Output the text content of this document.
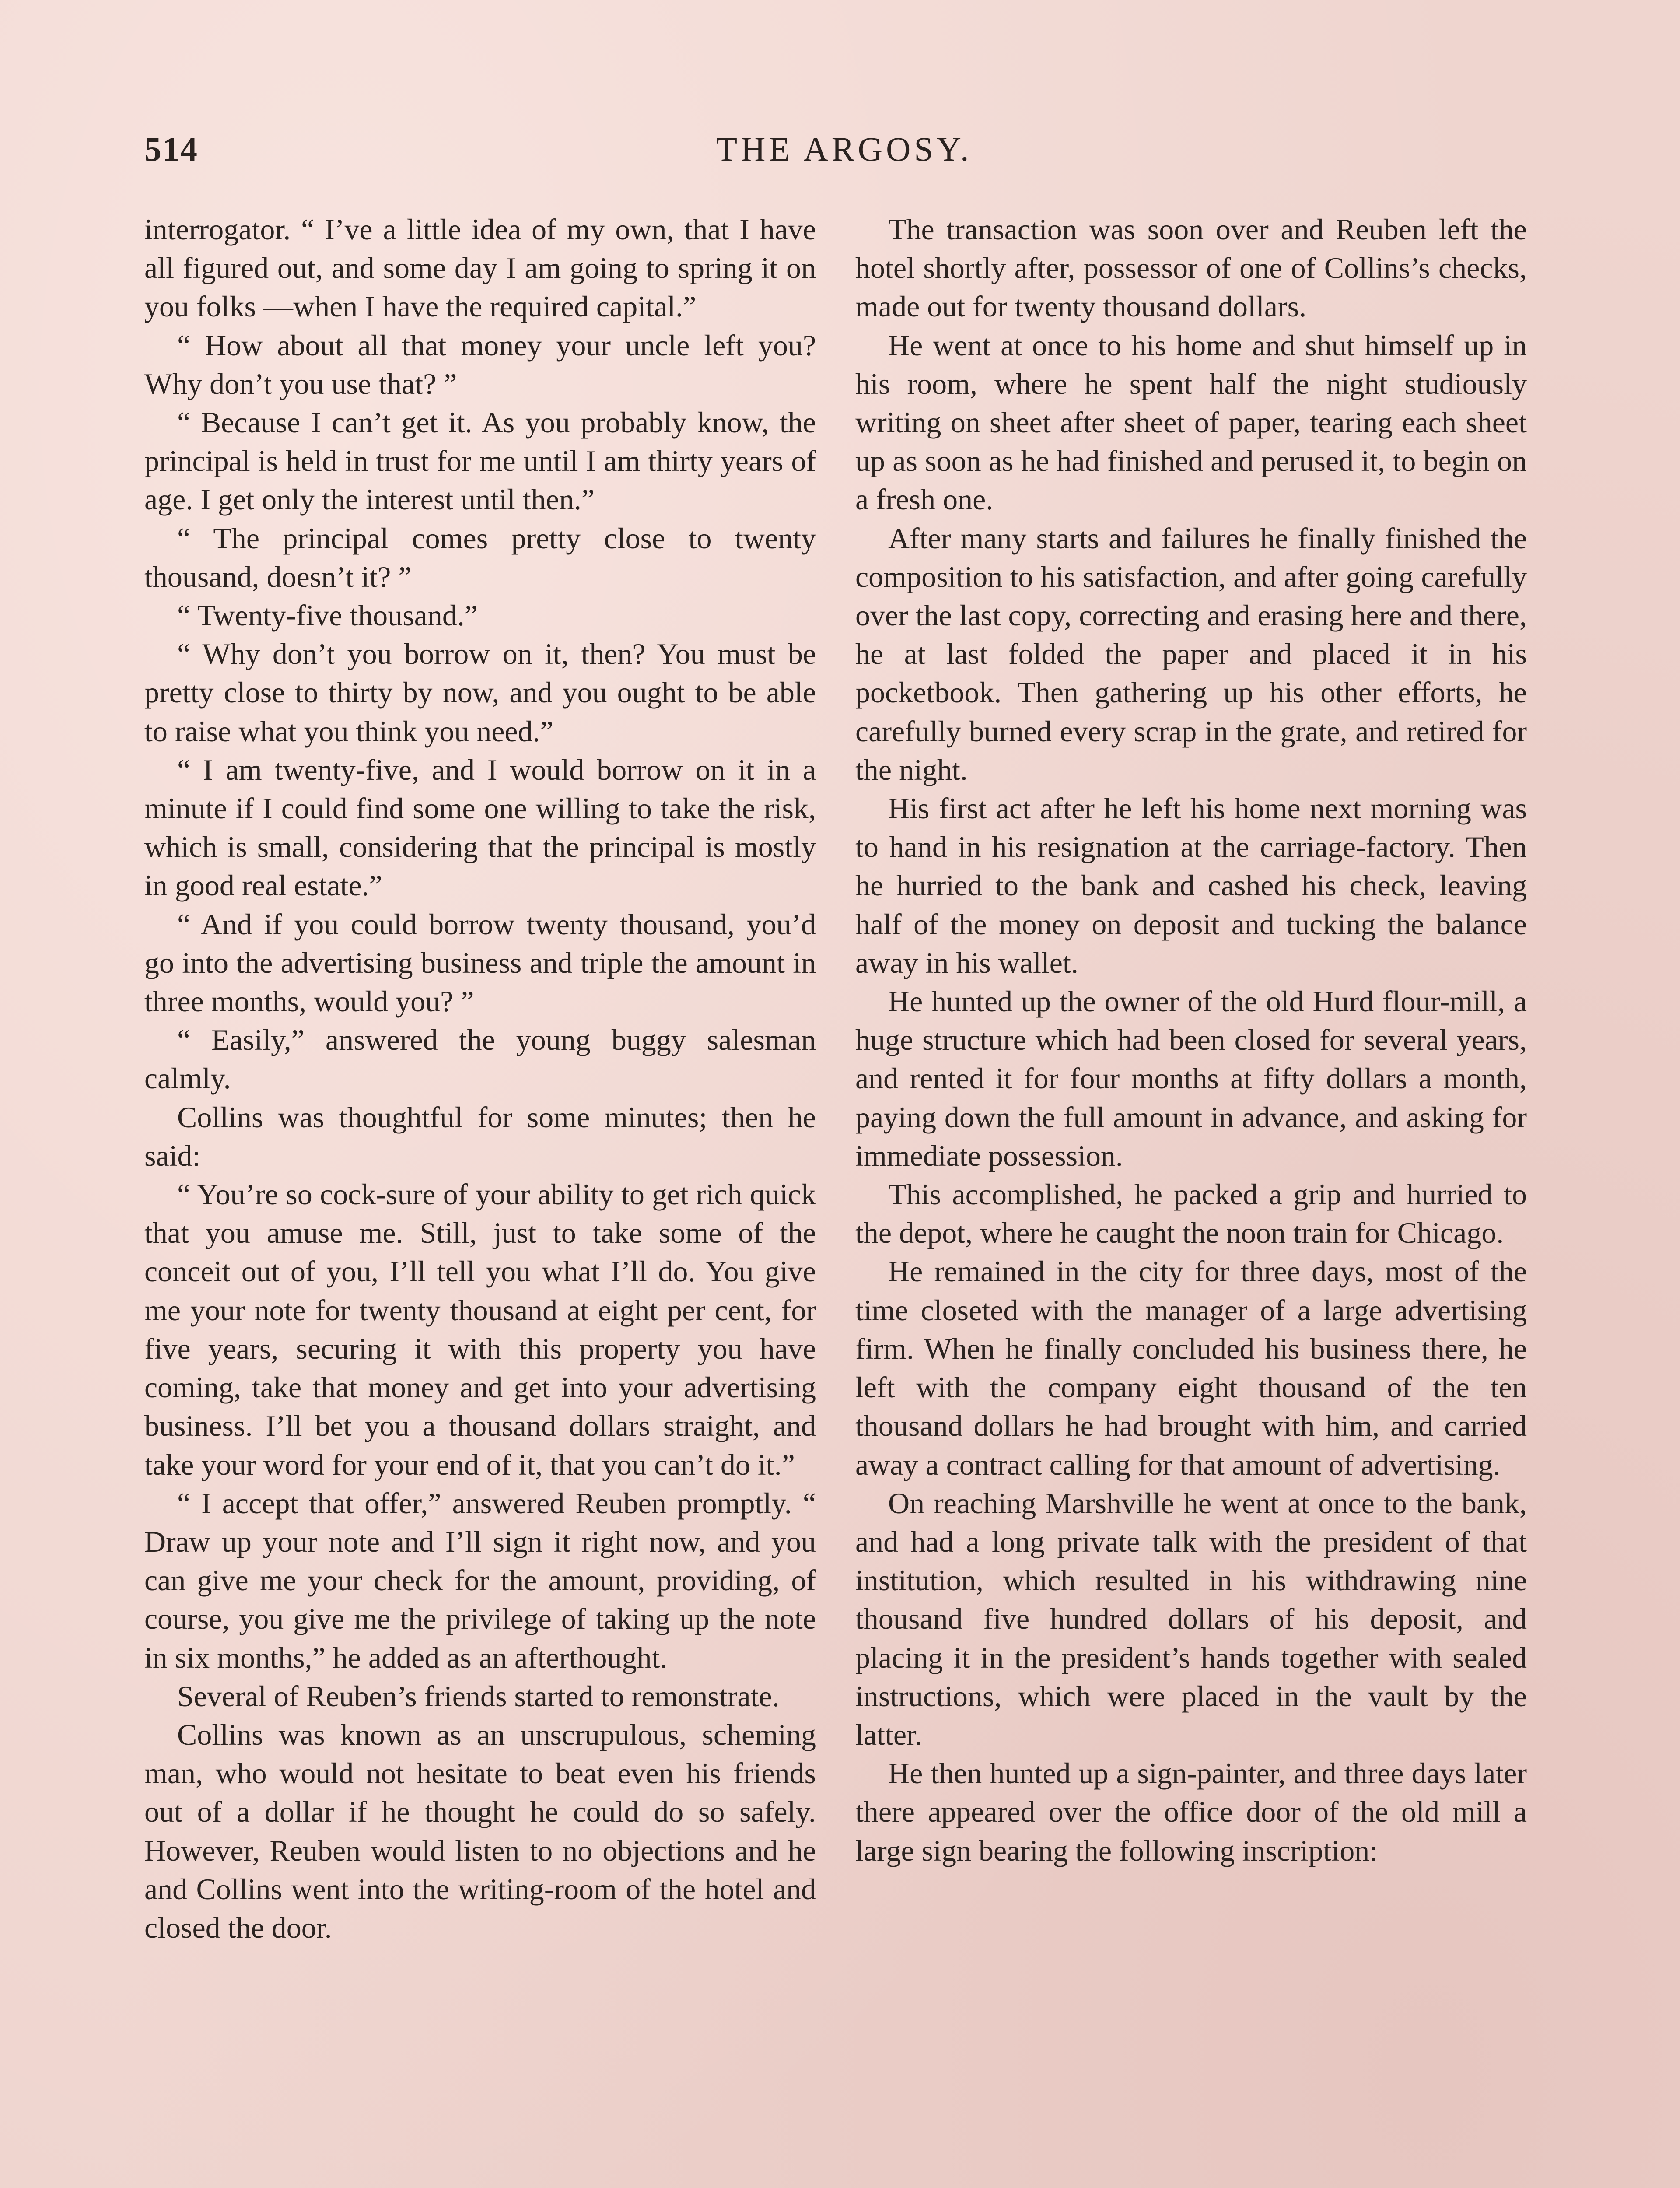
THE ARGOSY.
514

interrogator. “ I’ve a little idea of my own, that I have all figured out, and some day I am going to spring it on you folks —when I have the required capital.”

“ How about all that money your uncle left you? Why don’t you use that? ”

“ Because I can’t get it. As you probably know, the principal is held in trust for me until I am thirty years of age. I get only the interest until then.”

“ The principal comes pretty close to twenty thousand, doesn’t it? ”

“ Twenty-five thousand.”

“ Why don’t you borrow on it, then? You must be pretty close to thirty by now, and you ought to be able to raise what you think you need.”

“ I am twenty-five, and I would borrow on it in a minute if I could find some one willing to take the risk, which is small, considering that the principal is mostly in good real estate.”

“ And if you could borrow twenty thousand, you’d go into the advertising business and triple the amount in three months, would you? ”

“ Easily,” answered the young buggy salesman calmly.

Collins was thoughtful for some minutes; then he said:

“ You’re so cock-sure of your ability to get rich quick that you amuse me. Still, just to take some of the conceit out of you, I’ll tell you what I’ll do. You give me your note for twenty thousand at eight per cent, for five years, securing it with this property you have coming, take that money and get into your advertising business. I’ll bet you a thousand dollars straight, and take your word for your end of it, that you can’t do it.”

“ I accept that offer,” answered Reuben promptly. “ Draw up your note and I’ll sign it right now, and you can give me your check for the amount, providing, of course, you give me the privilege of taking up the note in six months,” he added as an afterthought.

Several of Reuben’s friends started to remonstrate.

Collins was known as an unscrupulous, scheming man, who would not hesitate to beat even his friends out of a dollar if he thought he could do so safely. However, Reuben would listen to no objections and he and Collins went into the writing-room of the hotel and closed the door.

The transaction was soon over and Reuben left the hotel shortly after, possessor of one of Collins’s checks, made out for twenty thousand dollars.

He went at once to his home and shut himself up in his room, where he spent half the night studiously writing on sheet after sheet of paper, tearing each sheet up as soon as he had finished and perused it, to begin on a fresh one.

After many starts and failures he finally finished the composition to his satisfaction, and after going carefully over the last copy, correcting and erasing here and there, he at last folded the paper and placed it in his pocketbook. Then gathering up his other efforts, he carefully burned every scrap in the grate, and retired for the night.

His first act after he left his home next morning was to hand in his resignation at the carriage-factory. Then he hurried to the bank and cashed his check, leaving half of the money on deposit and tucking the balance away in his wallet.

He hunted up the owner of the old Hurd flour-mill, a huge structure which had been closed for several years, and rented it for four months at fifty dollars a month, paying down the full amount in advance, and asking for immediate possession.

This accomplished, he packed a grip and hurried to the depot, where he caught the noon train for Chicago.

He remained in the city for three days, most of the time closeted with the manager of a large advertising firm. When he finally concluded his business there, he left with the company eight thousand of the ten thousand dollars he had brought with him, and carried away a contract calling for that amount of advertising.

On reaching Marshville he went at once to the bank, and had a long private talk with the president of that institution, which resulted in his withdrawing nine thousand five hundred dollars of his deposit, and placing it in the president’s hands together with sealed instructions, which were placed in the vault by the latter.

He then hunted up a sign-painter, and three days later there appeared over the office door of the old mill a large sign bearing the following inscription:
